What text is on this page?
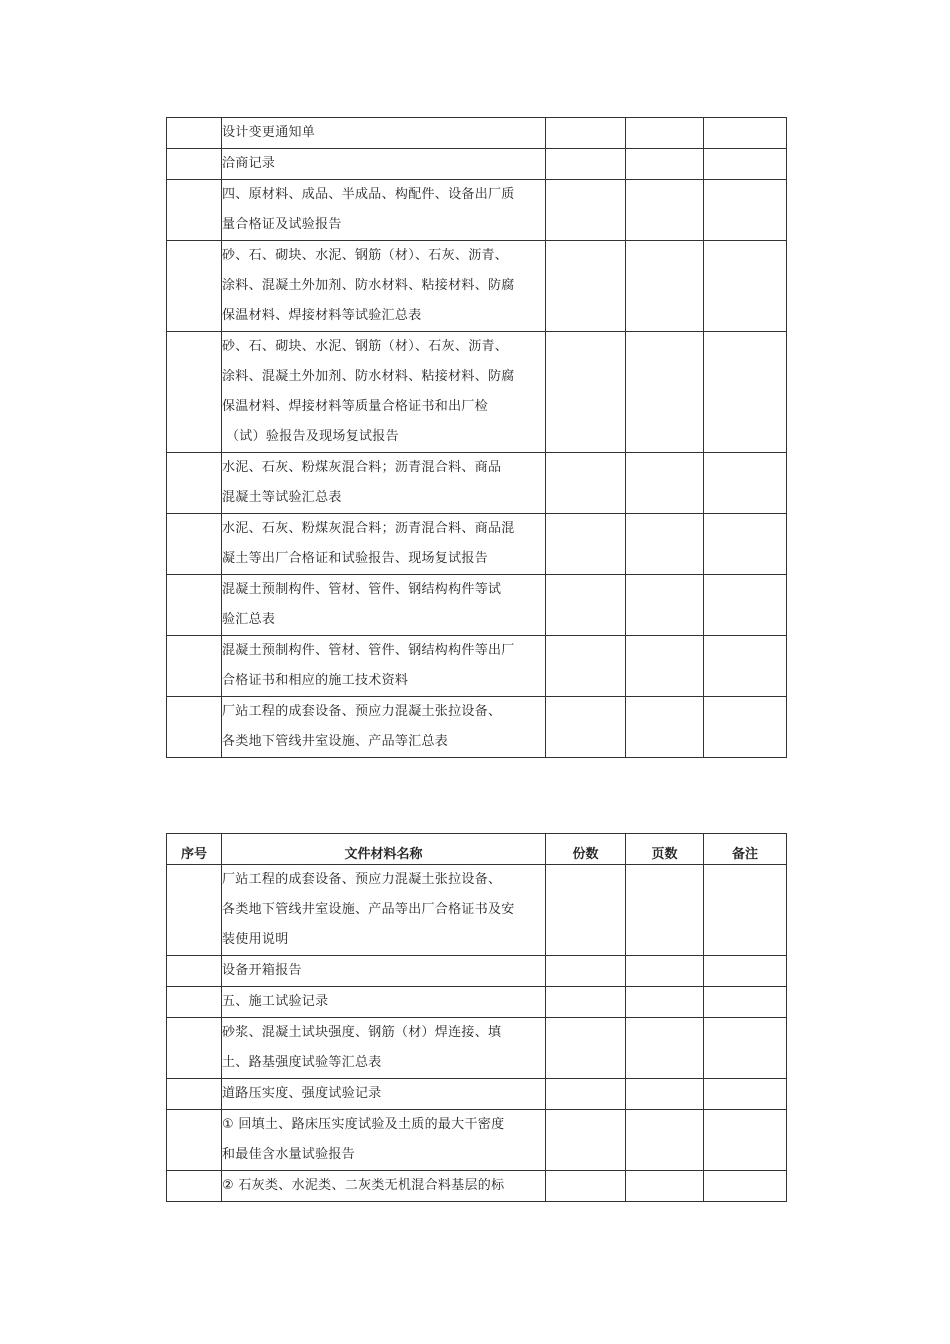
	设计变更通知单			

	洽商记录			

	四、原材料、成品、半成品、构配件、设备出厂质
量合格证及试验报告			

	砂、石、砌块、水泥、钢筋（材）、石灰、沥青、
涂料、混凝土外加剂、防水材料、粘接材料、防腐
保温材料、焊接材料等试验汇总表			

	砂、石、砌块、水泥、钢筋（材）、石灰、沥青、
涂料、混凝土外加剂、防水材料、粘接材料、防腐
保温材料、焊接材料等质量合格证书和出厂检
（试）验报告及现场复试报告			

	水泥、石灰、粉煤灰混合料；沥青混合料、商品
混凝土等试验汇总表			

	水泥、石灰、粉煤灰混合料；沥青混合料、商品混
凝土等出厂合格证和试验报告、现场复试报告			

	混凝土预制构件、管材、管件、钢结构构件等试
验汇总表			

	混凝土预制构件、管材、管件、钢结构构件等出厂
合格证书和相应的施工技术资料			

	厂站工程的成套设备、预应力混凝土张拉设备、
各类地下管线井室设施、产品等汇总表			

序号	文件材料名称	份数	页数	备注

	厂站工程的成套设备、预应力混凝土张拉设备、
各类地下管线井室设施、产品等出厂合格证书及安
装使用说明			

	设备开箱报告			

	五、施工试验记录			

	砂浆、混凝土试块强度、钢筋（材）焊连接、填
土、路基强度试验等汇总表			

	道路压实度、强度试验记录			

	① 回填土、路床压实度试验及土质的最大干密度
和最佳含水量试验报告			

	② 石灰类、水泥类、二灰类无机混合料基层的标			
